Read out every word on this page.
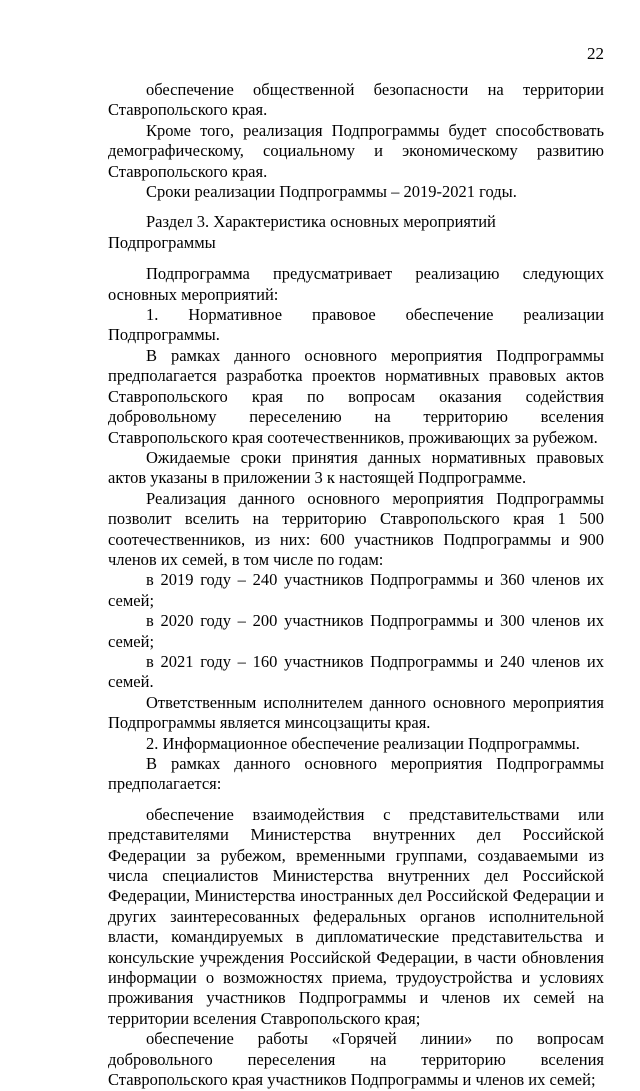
22

обеспечение общественной безопасности на территории Ставропольского края.

Кроме того, реализация Подпрограммы будет способствовать демографическому, социальному и экономическому развитию Ставропольского края.

Сроки реализации Подпрограммы – 2019-2021 годы.

Раздел 3. Характеристика основных мероприятий Подпрограммы

Подпрограмма предусматривает реализацию следующих основных мероприятий:

1. Нормативное правовое обеспечение реализации Подпрограммы.

В рамках данного основного мероприятия Подпрограммы предполагается разработка проектов нормативных правовых актов Ставропольского края по вопросам оказания содействия добровольному переселению на территорию вселения Ставропольского края соотечественников, проживающих за рубежом.

Ожидаемые сроки принятия данных нормативных правовых актов указаны в приложении 3 к настоящей Подпрограмме.

Реализация данного основного мероприятия Подпрограммы позволит вселить на территорию Ставропольского края 1 500 соотечественников, из них: 600 участников Подпрограммы и 900 членов их семей, в том числе по годам:

в 2019 году – 240 участников Подпрограммы и 360 членов их семей;

в 2020 году – 200 участников Подпрограммы и 300 членов их семей;

в 2021 году – 160 участников Подпрограммы и 240 членов их семей.

Ответственным исполнителем данного основного мероприятия Подпрограммы является минсоцзащиты края.

2. Информационное обеспечение реализации Подпрограммы.

В рамках данного основного мероприятия Подпрограммы предполагается:

обеспечение взаимодействия с представительствами или представителями Министерства внутренних дел Российской Федерации за рубежом, временными группами, создаваемыми из числа специалистов Министерства внутренних дел Российской Федерации, Министерства иностранных дел Российской Федерации и других заинтересованных федеральных органов исполнительной власти, командируемых в дипломатические представительства и консульские учреждения Российской Федерации, в части обновления информации о возможностях приема, трудоустройства и условиях проживания участников Подпрограммы и членов их семей на территории вселения Ставропольского края;

обеспечение работы «Горячей линии» по вопросам добровольного переселения на территорию вселения Ставропольского края участников Подпрограммы и членов их семей;
